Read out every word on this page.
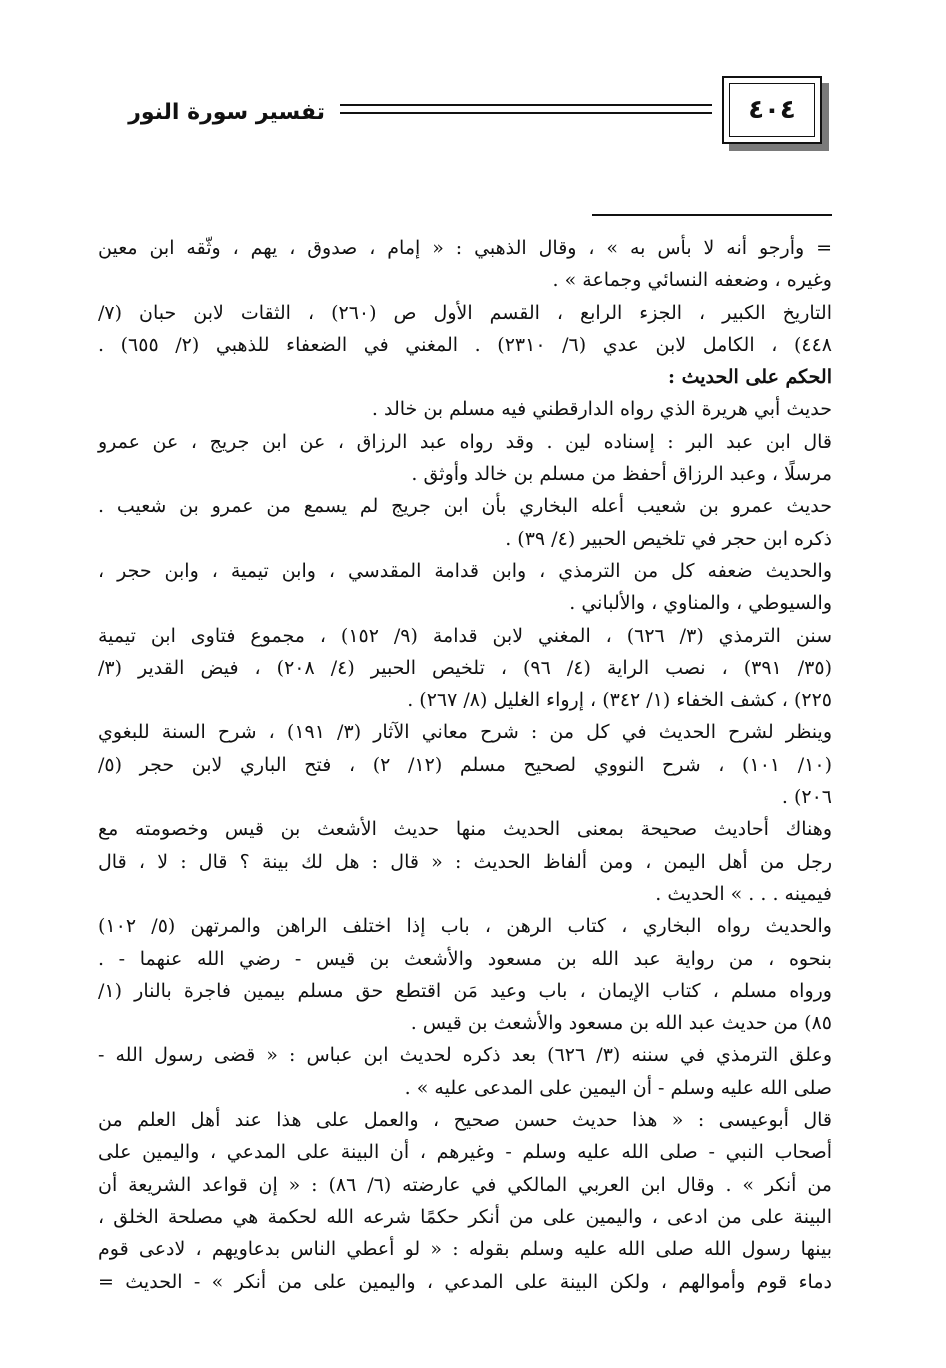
٤٠٤
تفسير سورة النور
= وأرجو أنه لا بأس به » ، وقال الذهبي : « إمام ، صدوق ، يهم ، وثّقه ابن معين
وغيره ، وضعفه النسائي وجماعة » .
التاريخ الكبير ، الجزء الرابع ، القسم الأول ص (٢٦٠) ، الثقات لابن حبان (٧/
٤٤٨) ، الكامل لابن عدي (٦/ ٢٣١٠) . المغني في الضعفاء للذهبي (٢/ ٦٥٥) .
الحكم على الحديث :
حديث أبي هريرة الذي رواه الدارقطني فيه مسلم بن خالد .
قال ابن عبد البر : إسناده لين . وقد رواه عبد الرزاق ، عن ابن جريج ، عن عمرو
مرسلًا ، وعبد الرزاق أحفظ من مسلم بن خالد وأوثق .
حديث عمرو بن شعيب أعله البخاري بأن ابن جريج لم يسمع من عمرو بن شعيب .
ذكره ابن حجر في تلخيص الحبير (٤/ ٣٩) .
والحديث ضعفه كل من الترمذي ، وابن قدامة المقدسي ، وابن تيمية ، وابن حجر ،
والسيوطي ، والمناوي ، والألباني .
سنن الترمذي (٣/ ٦٢٦) ، المغني لابن قدامة (٩/ ١٥٢) ، مجموع فتاوى ابن تيمية
(٣٥/ ٣٩١) ، نصب الراية (٤/ ٩٦) ، تلخيص الحبير (٤/ ٢٠٨) ، فيض القدير (٣/
٢٢٥) ، كشف الخفاء (١/ ٣٤٢) ، إرواء الغليل (٨/ ٢٦٧) .
وينظر لشرح الحديث في كل من : شرح معاني الآثار (٣/ ١٩١) ، شرح السنة للبغوي
(١٠/ ١٠١) ، شرح النووي لصحيح مسلم (١٢/ ٢) ، فتح الباري لابن حجر (٥/
٢٠٦) .
وهناك أحاديث صحيحة بمعنى الحديث منها حديث الأشعث بن قيس وخصومته مع
رجل من أهل اليمن ، ومن ألفاظ الحديث : « قال : هل لك بينة ؟ قال : لا ، قال
فيمينه . . . » الحديث .
والحديث رواه البخاري ، كتاب الرهن ، باب إذا اختلف الراهن والمرتهن (٥/ ١٠٢)
بنحوه ، من رواية عبد الله بن مسعود والأشعث بن قيس - رضي الله عنهما - .
ورواه مسلم ، كتاب الإيمان ، باب وعيد مَن اقتطع حق مسلم بيمين فاجرة بالنار (١/
٨٥) من حديث عبد الله بن مسعود والأشعث بن قيس .
وعلق الترمذي في سننه (٣/ ٦٢٦) بعد ذكره لحديث ابن عباس : « قضى رسول الله -
صلى الله عليه وسلم - أن اليمين على المدعى عليه » .
قال أبوعيسى : « هذا حديث حسن صحيح ، والعمل على هذا عند أهل العلم من
أصحاب النبي - صلى الله عليه وسلم - وغيرهم ، أن البينة على المدعي ، واليمين على
من أنكر » . وقال ابن العربي المالكي في عارضته (٦/ ٨٦) : « إن قواعد الشريعة أن
البينة على من ادعى ، واليمين على من أنكر حكمًا شرعه الله لحكمة هي مصلحة الخلق ،
بينها رسول الله صلى الله عليه وسلم بقوله : « لو أعطي الناس بدعاويهم ، لادعى قوم
دماء قوم وأموالهم ، ولكن البينة على المدعي ، واليمين على من أنكر » - الحديث =
